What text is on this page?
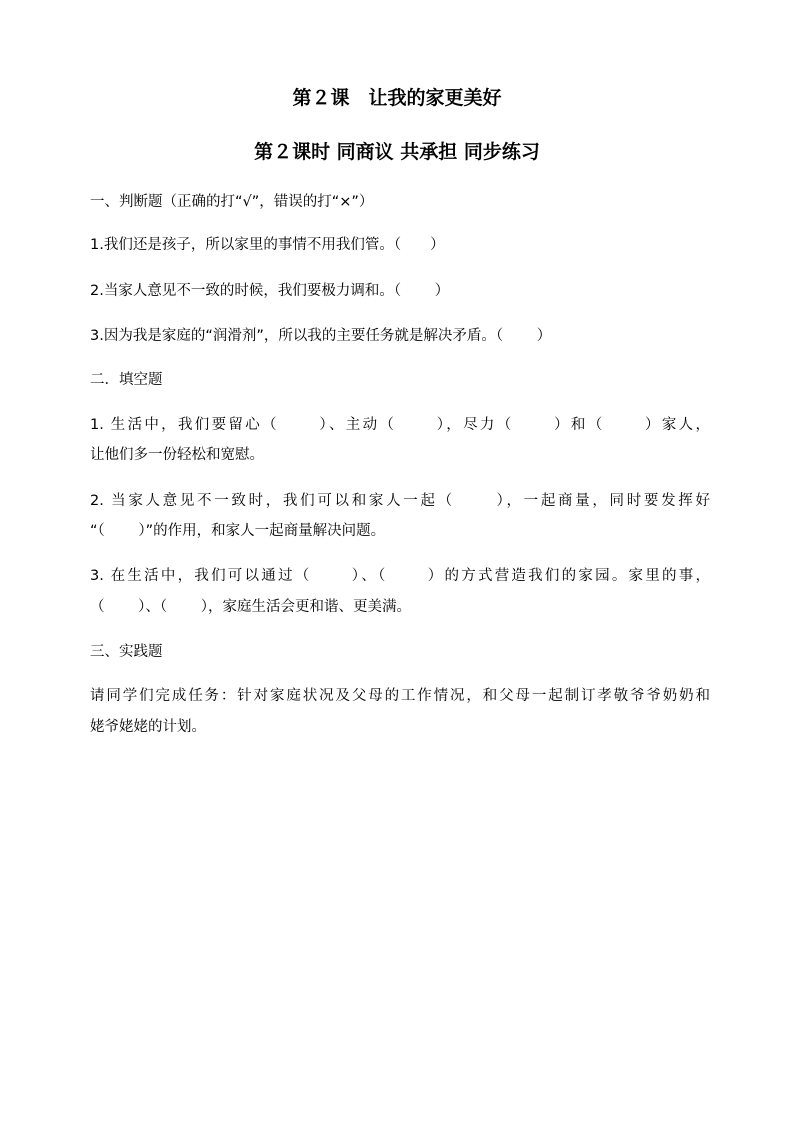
第２课　让我的家更美好
第２课时 同商议 共承担 同步练习
一、判断题（正确的打“√”，错误的打“×”）
1.我们还是孩子，所以家里的事情不用我们管。（　　）
2.当家人意见不一致的时候，我们要极力调和。（　　 ）
3.因为我是家庭的“润滑剂”，所以我的主要任务就是解决矛盾。（　　 ）
二．填空题
1. 生活中，我们要留心（　　 ）、主动（　　 ），尽力（　　 ）和（　　 ）家人，
让他们多一份轻松和宽慰。
2. 当家人意见不一致时，我们可以和家人一起（　　 ），一起商量，同时要发挥好
“（　　 ）”的作用，和家人一起商量解决问题。
3. 在生活中，我们可以通过（　　 ）、（　　 ）的方式营造我们的家园。家里的事，
（　　 ）、（　　 ），家庭生活会更和谐、更美满。
三、实践题
请同学们完成任务：针对家庭状况及父母的工作情况，和父母一起制订孝敬爷爷奶奶和
姥爷姥姥的计划。
